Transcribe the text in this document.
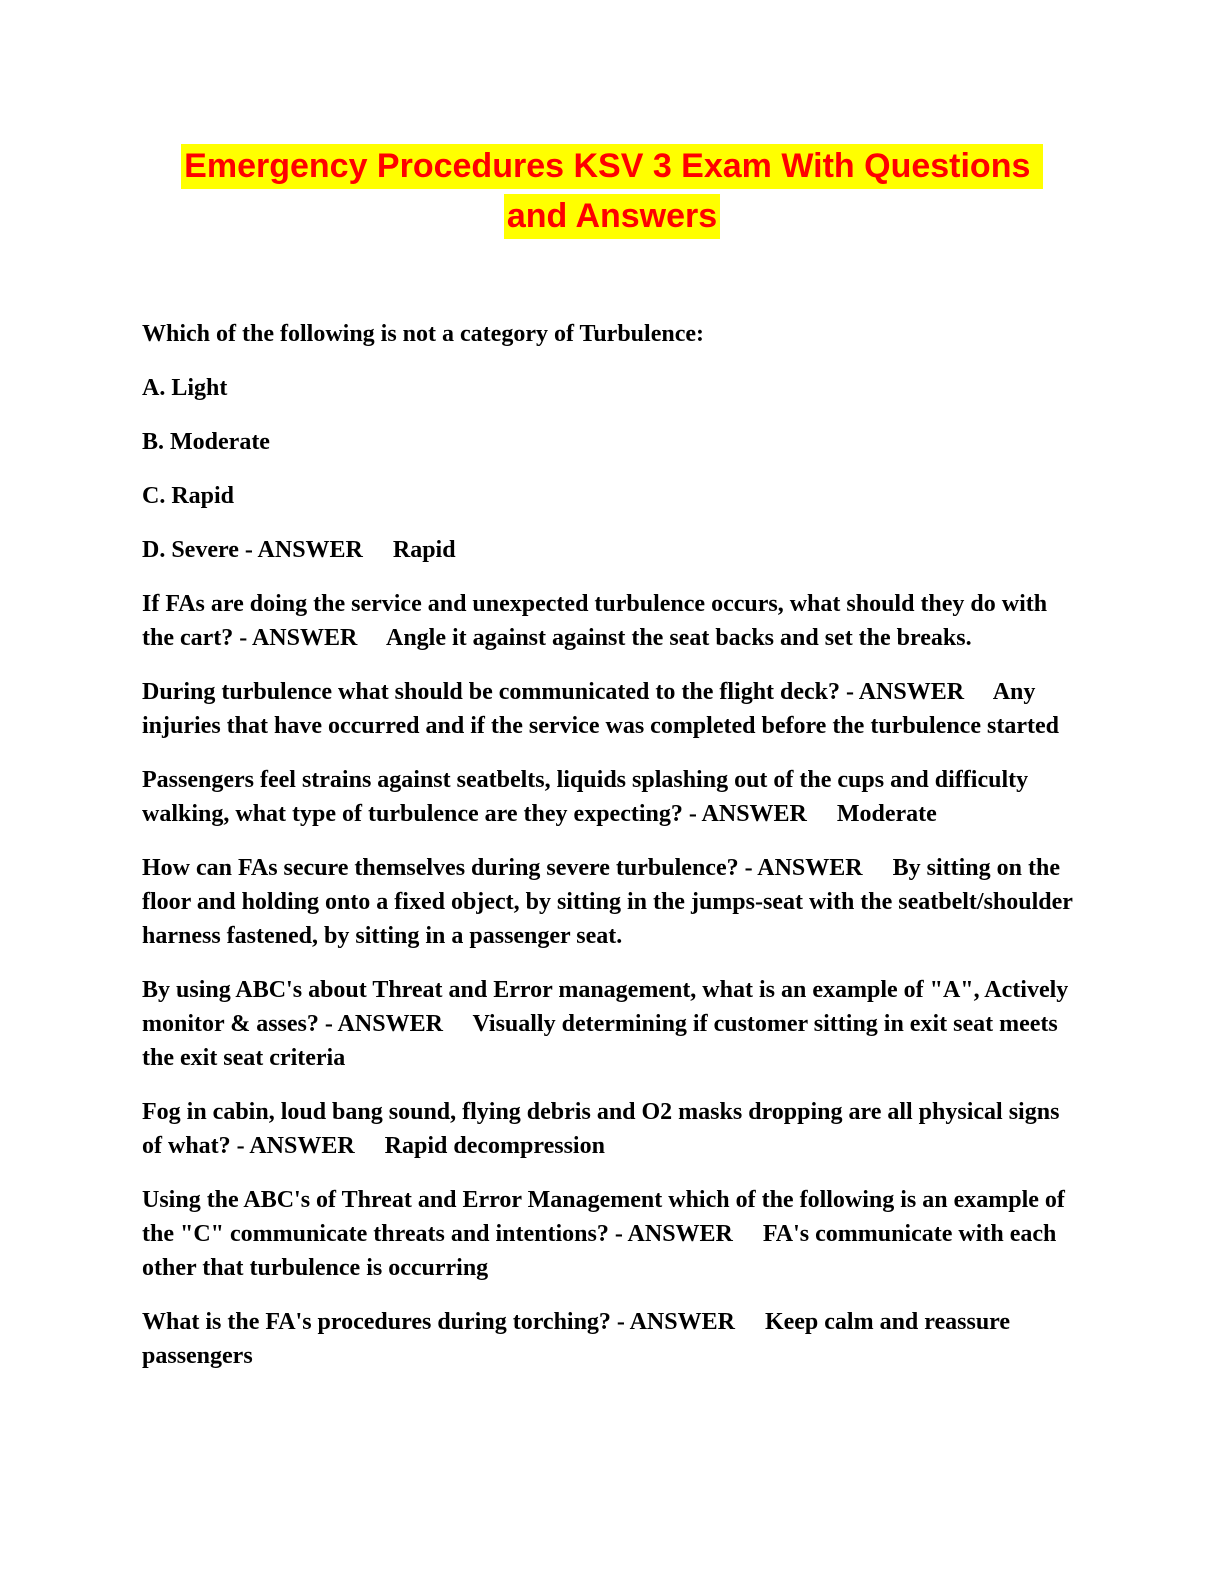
Emergency Procedures KSV 3 Exam With Questions
and Answers

Which of the following is not a category of Turbulence:

A. Light

B. Moderate

C. Rapid

D. Severe - ANSWER     Rapid

If FAs are doing the service and unexpected turbulence occurs, what should they do with the cart? - ANSWER     Angle it against against the seat backs and set the breaks.

During turbulence what should be communicated to the flight deck? - ANSWER     Any injuries that have occurred and if the service was completed before the turbulence started

Passengers feel strains against seatbelts, liquids splashing out of the cups and difficulty walking, what type of turbulence are they expecting? - ANSWER     Moderate

How can FAs secure themselves during severe turbulence? - ANSWER     By sitting on the floor and holding onto a fixed object, by sitting in the jumps-seat with the seatbelt/shoulder harness fastened, by sitting in a passenger seat.

By using ABC's about Threat and Error management, what is an example of "A", Actively monitor & asses? - ANSWER     Visually determining if customer sitting in exit seat meets the exit seat criteria

Fog in cabin, loud bang sound, flying debris and O2 masks dropping are all physical signs of what? - ANSWER     Rapid decompression

Using the ABC's of Threat and Error Management which of the following is an example of the "C" communicate threats and intentions? - ANSWER     FA's communicate with each other that turbulence is occurring

What is the FA's procedures during torching? - ANSWER     Keep calm and reassure passengers
